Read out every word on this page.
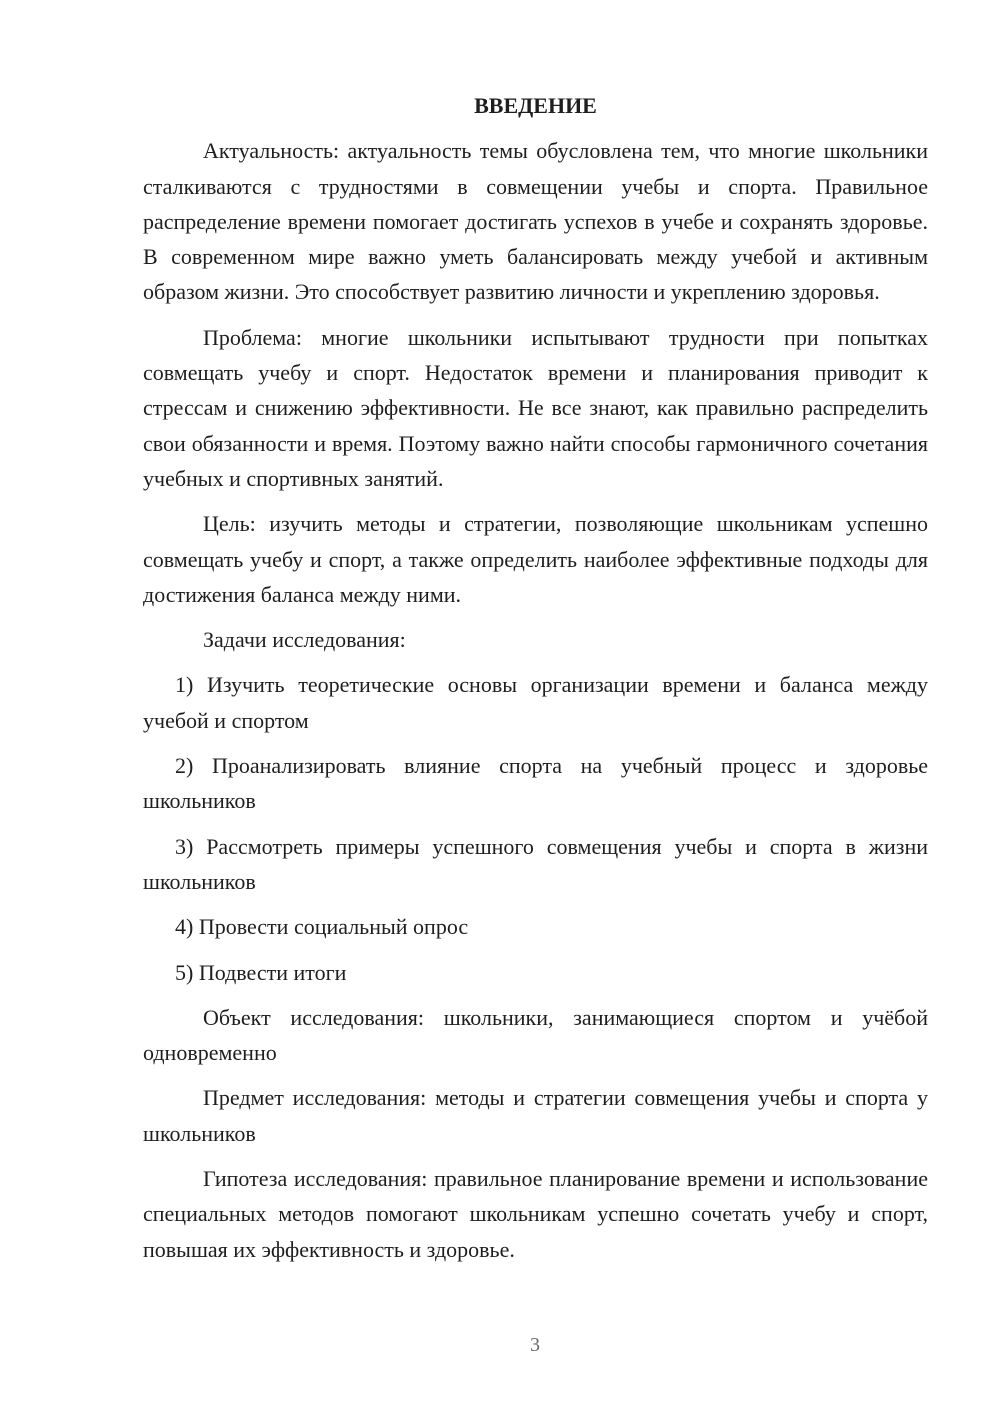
ВВЕДЕНИЕ

Актуальность: актуальность темы обусловлена тем, что многие школьники сталкиваются с трудностями в совмещении учебы и спорта. Правильное распределение времени помогает достигать успехов в учебе и сохранять здоровье. В современном мире важно уметь балансировать между учебой и активным образом жизни. Это способствует развитию личности и укреплению здоровья.

Проблема: многие школьники испытывают трудности при попытках совмещать учебу и спорт. Недостаток времени и планирования приводит к стрессам и снижению эффективности. Не все знают, как правильно распределить свои обязанности и время. Поэтому важно найти способы гармоничного сочетания учебных и спортивных занятий.

Цель: изучить методы и стратегии, позволяющие школьникам успешно совмещать учебу и спорт, а также определить наиболее эффективные подходы для достижения баланса между ними.

Задачи исследования:

1) Изучить теоретические основы организации времени и баланса между учебой и спортом

2) Проанализировать влияние спорта на учебный процесс и здоровье школьников

3) Рассмотреть примеры успешного совмещения учебы и спорта в жизни школьников

4) Провести социальный опрос

5) Подвести итоги

Объект исследования: школьники, занимающиеся спортом и учёбой одновременно

Предмет исследования: методы и стратегии совмещения учебы и спорта у школьников

Гипотеза исследования: правильное планирование времени и использование специальных методов помогают школьникам успешно сочетать учебу и спорт, повышая их эффективность и здоровье.

3
